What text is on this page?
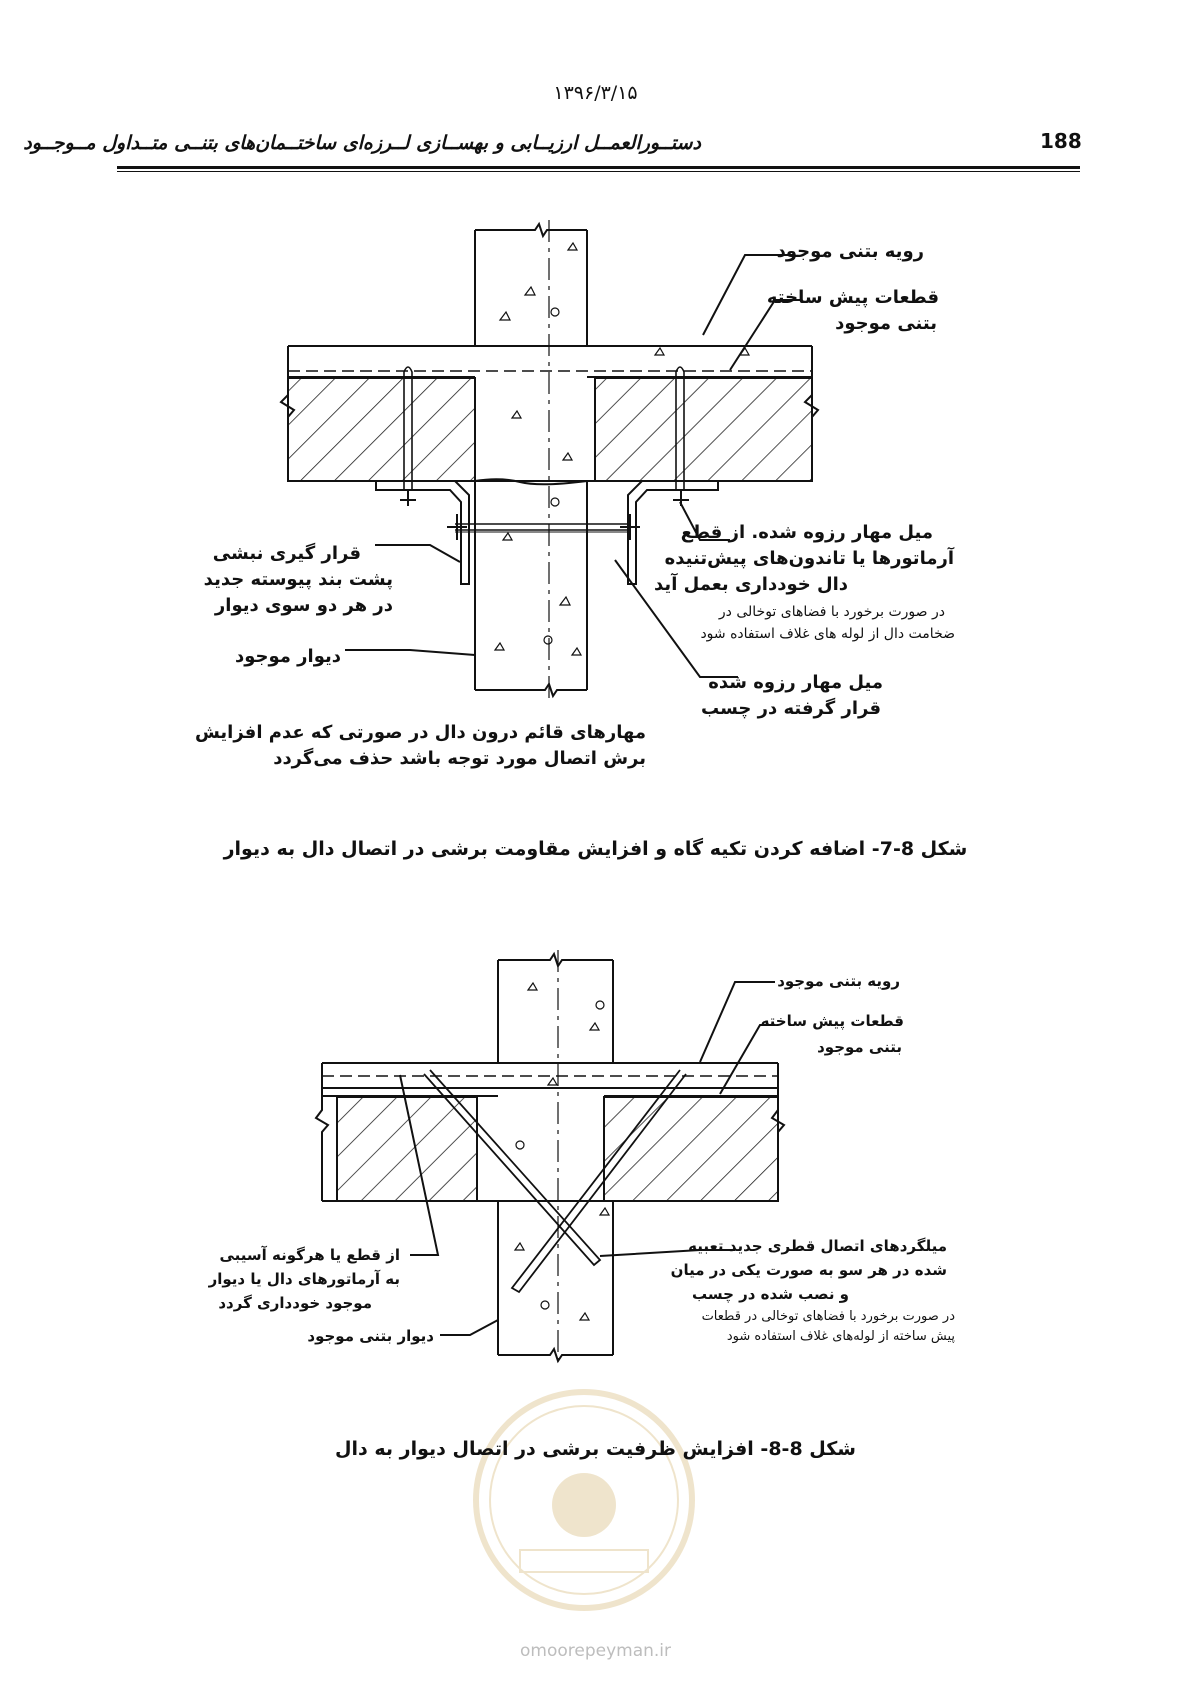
۱۳۹۶/۳/۱۵
دستــورالعمــل ارزیــابی و بهســازی لــرزه‌ای ساختــمان‌های بتنــی متــداول مــوجــود	188
رویه بتنی موجود
قطعات پیش ساخته
بتنی موجود
قرار گیری نبشی
پشت بند پیوسته جدید
در هر دو سوی دیوار
دیوار موجود
میل مهار رزوه شده. از قطع
آرماتورها یا تاندون‌های پیش‌تنیده
دال خودداری بعمل آید
در صورت برخورد با فضاهای توخالی در
ضخامت دال از لوله های غلاف استفاده شود
میل مهار رزوه شده
قرار گرفته در چسب
مهارهای قائم درون دال در صورتی که عدم افزایش
برش اتصال مورد توجه باشد حذف می‌گردد
شکل 8-7- اضافه کردن تکیه گاه و افزایش مقاومت برشی در اتصال دال به دیوار
رویه بتنی موجود
قطعات پیش ساخته
بتنی موجود
از قطع یا هرگونه آسیبی
به آرماتورهای دال یا دیوار
موجود خودداری گردد
دیوار بتنی موجود
میلگردهای اتصال قطری جدید تعبیه
شده در هر سو به صورت یکی در میان
و نصب شده در چسب
در صورت برخورد با فضاهای توخالی در قطعات
پیش ساخته از لوله‌های غلاف استفاده شود
شکل 8-8- افزایش ظرفیت برشی در اتصال دیوار به دال
omoorepeyman.ir
